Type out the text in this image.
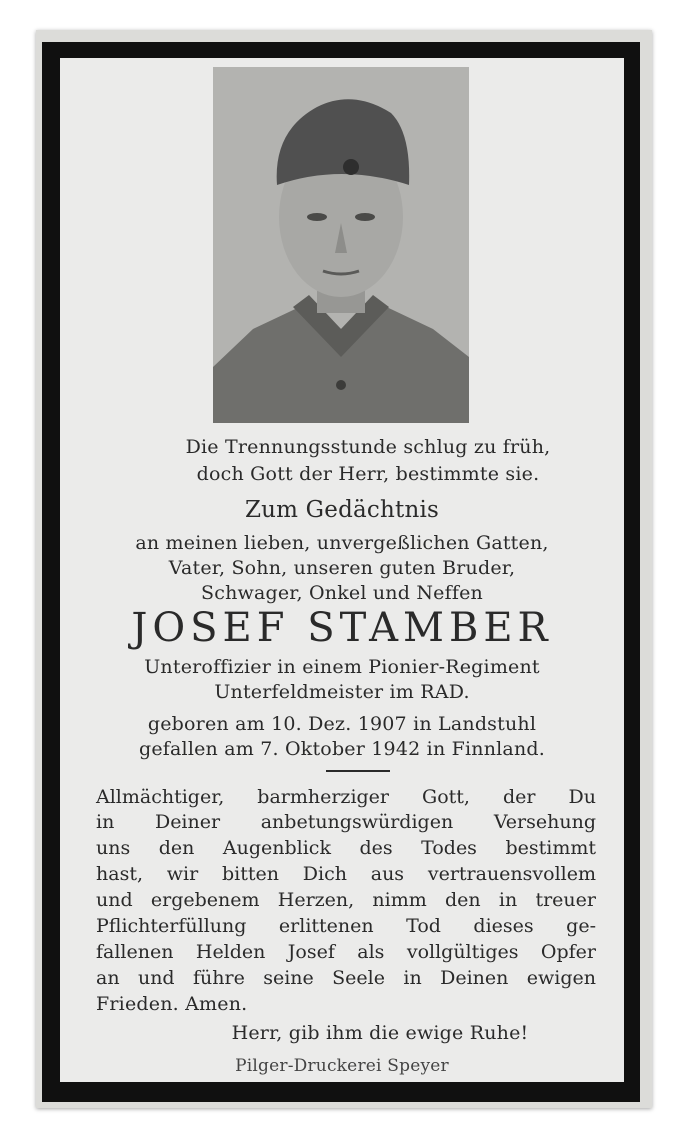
Die Trennungsstunde schlug zu früh,
doch Gott der Herr, bestimmte sie.
Zum Gedächtnis
an meinen lieben, unvergeßlichen Gatten,
Vater, Sohn, unseren guten Bruder,
Schwager, Onkel und Neffen
JOSEF STAMBER
Unteroffizier in einem Pionier-Regiment
Unterfeldmeister im RAD.
geboren am 10. Dez. 1907 in Landstuhl
gefallen am 7. Oktober 1942 in Finnland.
Allmächtiger, barmherziger Gott, der Du
in Deiner anbetungswürdigen Versehung
uns den Augenblick des Todes bestimmt
hast, wir bitten Dich aus vertrauensvollem
und ergebenem Herzen, nimm den in treuer
Pflichterfüllung erlittenen Tod dieses ge-
fallenen Helden Josef als vollgültiges Opfer
an und führe seine Seele in Deinen ewigen
Frieden. Amen.
Herr, gib ihm die ewige Ruhe!
Pilger-Druckerei Speyer
